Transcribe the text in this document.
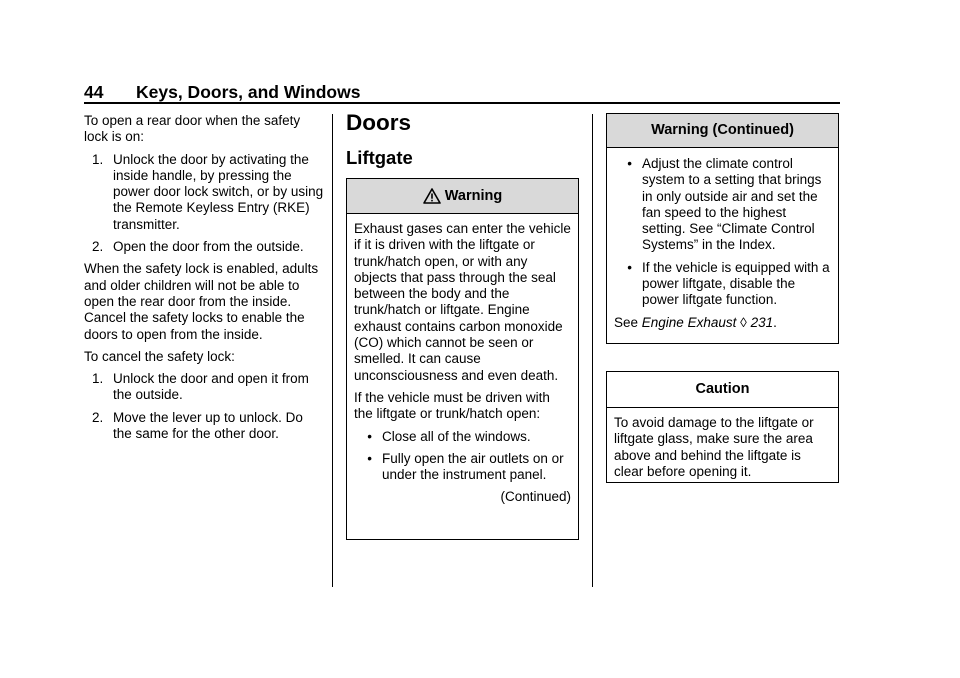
44 Keys, Doors, and Windows

To open a rear door when the safety lock is on:

1. Unlock the door by activating the inside handle, by pressing the power door lock switch, or by using the Remote Keyless Entry (RKE) transmitter.
2. Open the door from the outside.

When the safety lock is enabled, adults and older children will not be able to open the rear door from the inside. Cancel the safety locks to enable the doors to open from the inside.

To cancel the safety lock:

1. Unlock the door and open it from the outside.
2. Move the lever up to unlock. Do the same for the other door.
Doors
Liftgate
Warning

Exhaust gases can enter the vehicle if it is driven with the liftgate or trunk/hatch open, or with any objects that pass through the seal between the body and the trunk/hatch or liftgate. Engine exhaust contains carbon monoxide (CO) which cannot be seen or smelled. It can cause unconsciousness and even death.

If the vehicle must be driven with the liftgate or trunk/hatch open:

• Close all of the windows.
• Fully open the air outlets on or under the instrument panel.
(Continued)
Warning (Continued)
• Adjust the climate control system to a setting that brings in only outside air and set the fan speed to the highest setting. See “Climate Control Systems” in the Index.
• If the vehicle is equipped with a power liftgate, disable the power liftgate function.

See Engine Exhaust ◊ 231.

Caution

To avoid damage to the liftgate or liftgate glass, make sure the area above and behind the liftgate is clear before opening it.
